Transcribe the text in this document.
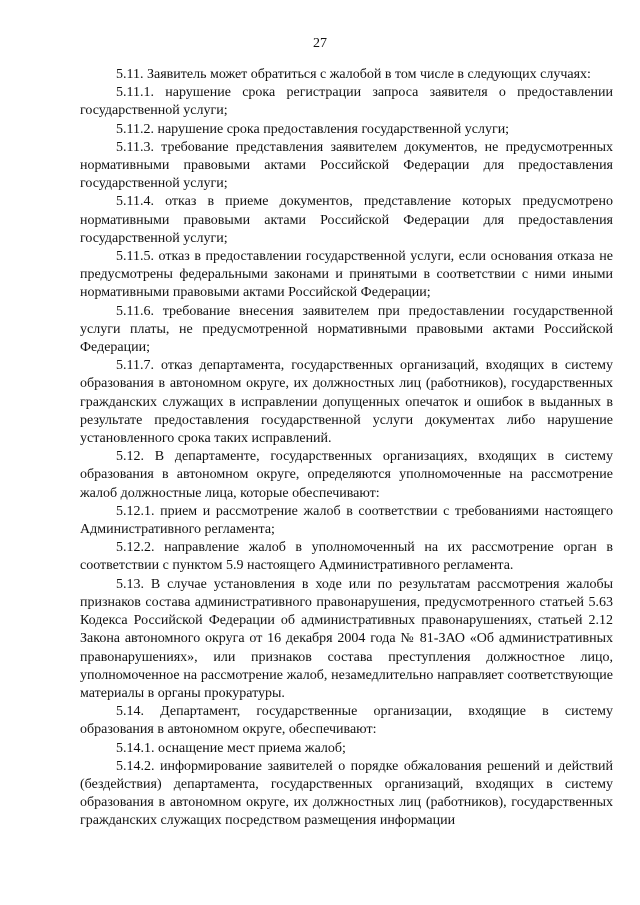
27

5.11. Заявитель может обратиться с жалобой в том числе в следующих случаях:

5.11.1. нарушение срока регистрации запроса заявителя о предоставлении государственной услуги;

5.11.2. нарушение срока предоставления государственной услуги;

5.11.3. требование представления заявителем документов, не предусмотренных нормативными правовыми актами Российской Федерации для предоставления государственной услуги;

5.11.4. отказ в приеме документов, представление которых предусмотрено нормативными правовыми актами Российской Федерации для предоставления государственной услуги;

5.11.5. отказ в предоставлении государственной услуги, если основания отказа не предусмотрены федеральными законами и принятыми в соответствии с ними иными нормативными правовыми актами Российской Федерации;

5.11.6. требование внесения заявителем при предоставлении государственной услуги платы, не предусмотренной нормативными правовыми актами Российской Федерации;

5.11.7. отказ департамента, государственных организаций, входящих в систему образования в автономном округе, их должностных лиц (работников), государственных гражданских служащих в исправлении допущенных опечаток и ошибок в выданных в результате предоставления государственной услуги документах либо нарушение установленного срока таких исправлений.

5.12. В департаменте, государственных организациях, входящих в систему образования в автономном округе, определяются уполномоченные на рассмотрение жалоб должностные лица, которые обеспечивают:

5.12.1. прием и рассмотрение жалоб в соответствии с требованиями настоящего Административного регламента;

5.12.2. направление жалоб в уполномоченный на их рассмотрение орган в соответствии с пунктом 5.9 настоящего Административного регламента.

5.13. В случае установления в ходе или по результатам рассмотрения жалобы признаков состава административного правонарушения, предусмотренного статьей 5.63 Кодекса Российской Федерации об административных правонарушениях, статьей 2.12 Закона автономного округа от 16 декабря 2004 года № 81-ЗАО «Об административных правонарушениях», или признаков состава преступления должностное лицо, уполномоченное на рассмотрение жалоб, незамедлительно направляет соответствующие материалы в органы прокуратуры.

5.14. Департамент, государственные организации, входящие в систему образования в автономном округе, обеспечивают:

5.14.1. оснащение мест приема жалоб;

5.14.2. информирование заявителей о порядке обжалования решений и действий (бездействия) департамента, государственных организаций, входящих в систему образования в автономном округе, их должностных лиц (работников), государственных гражданских служащих посредством размещения информации
